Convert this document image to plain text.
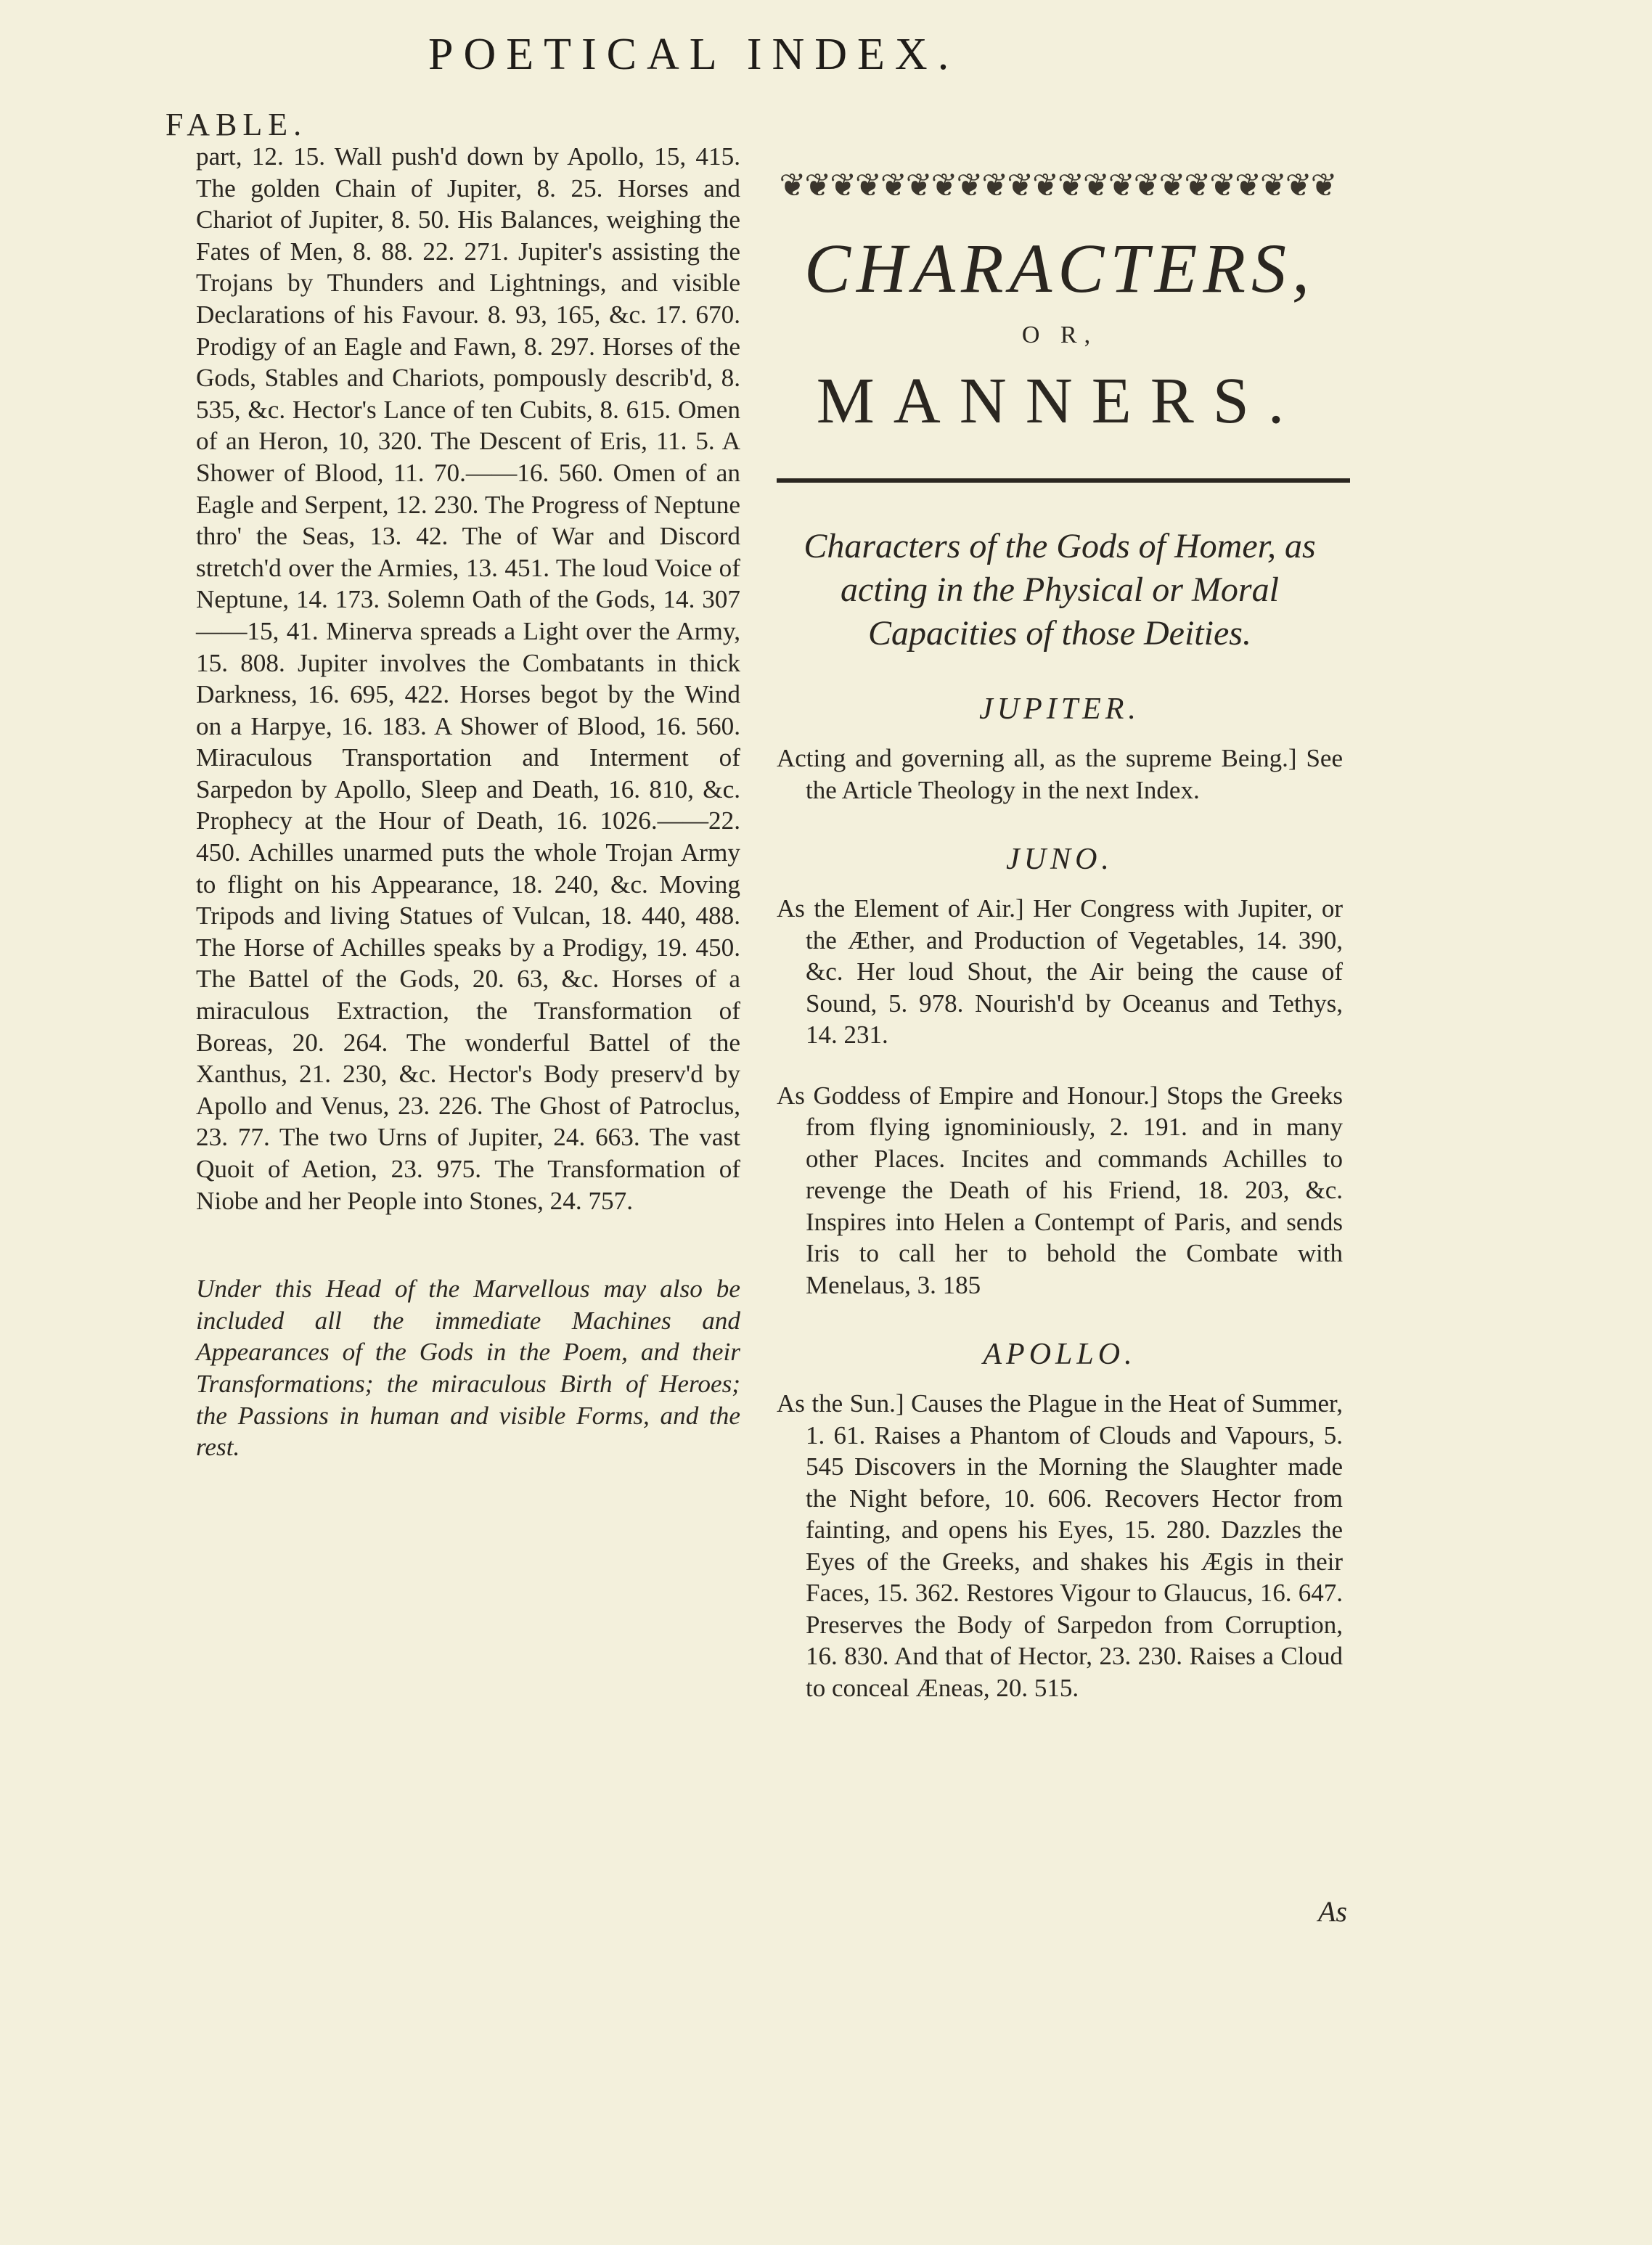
POETICAL INDEX.
FABLE.

part, 12. 15. Wall push'd down by Apollo, 15, 415. The golden Chain of Jupiter, 8. 25. Horses and Chariot of Jupiter, 8. 50. His Balances, weighing the Fates of Men, 8. 88. 22. 271. Jupiter's assisting the Trojans by Thunders and Lightnings, and visible Declarations of his Favour. 8. 93, 165, &c. 17. 670. Prodigy of an Eagle and Fawn, 8. 297. Horses of the Gods, Stables and Chariots, pompously describ'd, 8. 535, &c. Hector's Lance of ten Cubits, 8. 615. Omen of an Heron, 10, 320. The Descent of Eris, 11. 5. A Shower of Blood, 11. 70.——16. 560. Omen of an Eagle and Serpent, 12. 230. The Progress of Neptune thro' the Seas, 13. 42. The of War and Discord stretch'd over the Armies, 13. 451. The loud Voice of Neptune, 14. 173. Solemn Oath of the Gods, 14. 307——15, 41. Minerva spreads a Light over the Army, 15. 808. Jupiter involves the Combatants in thick Darkness, 16. 695, 422. Horses begot by the Wind on a Harpye, 16. 183. A Shower of Blood, 16. 560. Miraculous Transportation and Interment of Sarpedon by Apollo, Sleep and Death, 16. 810, &c. Prophecy at the Hour of Death, 16. 1026.——22. 450. Achilles unarmed puts the whole Trojan Army to flight on his Appearance, 18. 240, &c. Moving Tripods and living Statues of Vulcan, 18. 440, 488. The Horse of Achilles speaks by a Prodigy, 19. 450. The Battel of the Gods, 20. 63, &c. Horses of a miraculous Extraction, the Transformation of Boreas, 20. 264. The wonderful Battel of the Xanthus, 21. 230, &c. Hector's Body preserv'd by Apollo and Venus, 23. 226. The Ghost of Patroclus, 23. 77. The two Urns of Jupiter, 24. 663. The vast Quoit of Aetion, 23. 975. The Transformation of Niobe and her People into Stones, 24. 757.

Under this Head of the Marvellous may also be included all the immediate Machines and Appearances of the Gods in the Poem, and their Transformations; the miraculous Birth of Heroes; the Passions in human and visible Forms, and the rest.

❦❦❦❦❦❦❦❦❦❦❦❦❦❦❦❦❦❦❦❦❦❦
CHARACTERS,
O R,
MANNERS.
Characters of the Gods of Homer, as acting in the Physical or Moral Capacities of those Deities.
JUPITER.

Acting and governing all, as the supreme Being.] See the Article Theology in the next Index.

JUNO.

As the Element of Air.] Her Congress with Jupiter, or the Æther, and Production of Vegetables, 14. 390, &c. Her loud Shout, the Air being the cause of Sound, 5. 978. Nourish'd by Oceanus and Tethys, 14. 231.

As Goddess of Empire and Honour.] Stops the Greeks from flying ignominiously, 2. 191. and in many other Places. Incites and commands Achilles to revenge the Death of his Friend, 18. 203, &c. Inspires into Helen a Contempt of Paris, and sends Iris to call her to behold the Combate with Menelaus, 3. 185

APOLLO.

As the Sun.] Causes the Plague in the Heat of Summer, 1. 61. Raises a Phantom of Clouds and Vapours, 5. 545 Discovers in the Morning the Slaughter made the Night before, 10. 606. Recovers Hector from fainting, and opens his Eyes, 15. 280. Dazzles the Eyes of the Greeks, and shakes his Ægis in their Faces, 15. 362. Restores Vigour to Glaucus, 16. 647. Preserves the Body of Sarpedon from Corruption, 16. 830. And that of Hector, 23. 230. Raises a Cloud to conceal Æneas, 20. 515.

As
